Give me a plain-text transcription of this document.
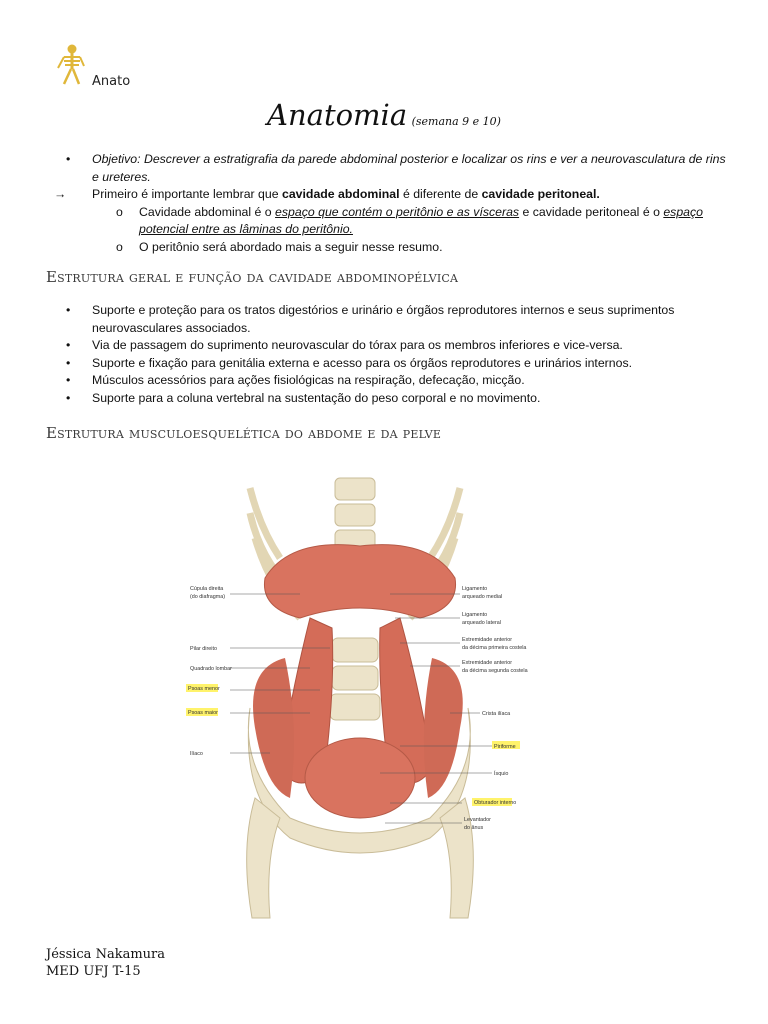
Anato
Anatomia (semana 9 e 10)
•	Objetivo: Descrever a estratigrafia da parede abdominal posterior e localizar os rins e ver a neurovasculatura de rins e ureteres.
→	Primeiro é importante lembrar que cavidade abdominal é diferente de cavidade peritoneal.
o	Cavidade abdominal é o espaço que contém o peritônio e as vísceras e cavidade peritoneal é o espaço potencial entre as lâminas do peritônio.
o	O peritônio será abordado mais a seguir nesse resumo.
Estrutura geral e função da cavidade abdominopélvica
•	Suporte e proteção para os tratos digestórios e urinário e órgãos reprodutores internos e seus suprimentos neurovasculares associados.
•	Via de passagem do suprimento neurovascular do tórax para os membros inferiores e vice-versa.
•	Suporte e fixação para genitália externa e acesso para os órgãos reprodutores e urinários internos.
•	Músculos acessórios para ações fisiológicas na respiração, defecação, micção.
•	Suporte para a coluna vertebral na sustentação do peso corporal e no movimento.
Estrutura musculoesquelética do abdome e da pelve
Cúpula direita
(do diafragma)
Pilar direito
Quadrado lombar
Psoas menor
Psoas maior
Ilíaco
Ligamento
arqueado medial
Ligamento
arqueado lateral
Extremidade anterior
da décima primeira costela
Extremidade anterior
da décima segunda costela
Crista ilíaca
Piriforme
Ísquio
Obturador interno
Levantador
do ânus
Jéssica Nakamura
MED UFJ T-15
